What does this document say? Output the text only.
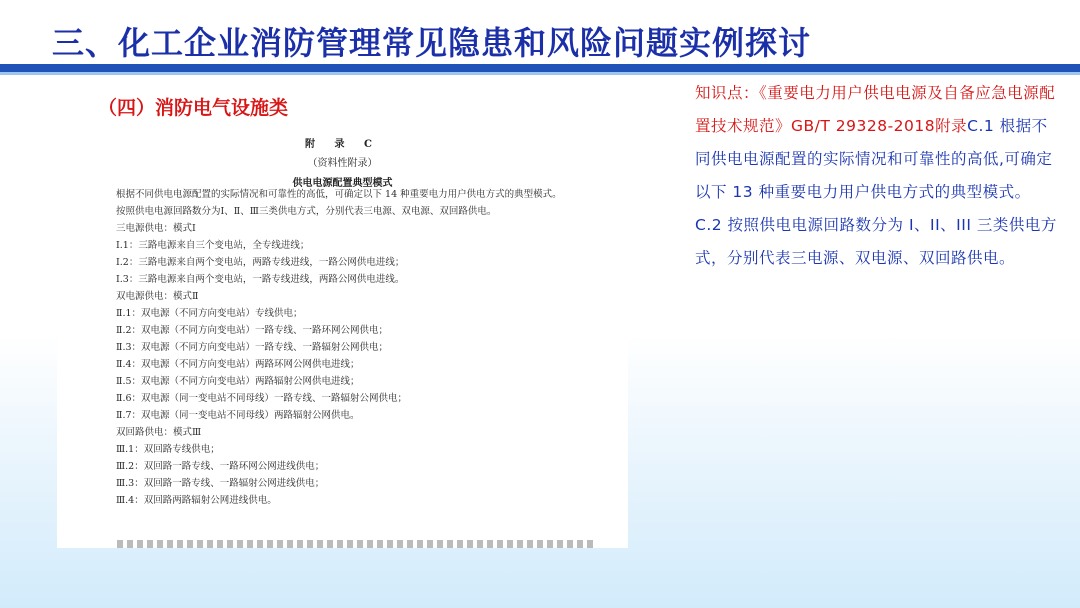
三、化工企业消防管理常见隐患和风险问题实例探讨
（四）消防电气设施类
附 录 C
（资料性附录）
供电电源配置典型模式
根据不同供电电源配置的实际情况和可靠性的高低，可确定以下 14 种重要电力用户供电方式的典型模式。
按照供电电源回路数分为Ⅰ、Ⅱ、Ⅲ三类供电方式，分别代表三电源、双电源、双回路供电。
三电源供电：模式Ⅰ
Ⅰ.1：三路电源来自三个变电站，全专线进线；
Ⅰ.2：三路电源来自两个变电站，两路专线进线，一路公网供电进线；
Ⅰ.3：三路电源来自两个变电站，一路专线进线，两路公网供电进线。
双电源供电：模式Ⅱ
Ⅱ.1：双电源（不同方向变电站）专线供电；
Ⅱ.2：双电源（不同方向变电站）一路专线、一路环网公网供电；
Ⅱ.3：双电源（不同方向变电站）一路专线、一路辐射公网供电；
Ⅱ.4：双电源（不同方向变电站）两路环网公网供电进线；
Ⅱ.5：双电源（不同方向变电站）两路辐射公网供电进线；
Ⅱ.6：双电源（同一变电站不同母线）一路专线、一路辐射公网供电；
Ⅱ.7：双电源（同一变电站不同母线）两路辐射公网供电。
双回路供电：模式Ⅲ
Ⅲ.1：双回路专线供电；
Ⅲ.2：双回路一路专线、一路环网公网进线供电；
Ⅲ.3：双回路一路专线、一路辐射公网进线供电；
Ⅲ.4：双回路两路辐射公网进线供电。
知识点：《重要电力用户供电电源及自备应急电源配置技术规范》GB/T 29328-2018附录C.1 根据不同供电电源配置的实际情况和可靠性的高低,可确定以下 13 种重要电力用户供电方式的典型模式。C.2 按照供电电源回路数分为 I、II、III 三类供电方式，分别代表三电源、双电源、双回路供电。
